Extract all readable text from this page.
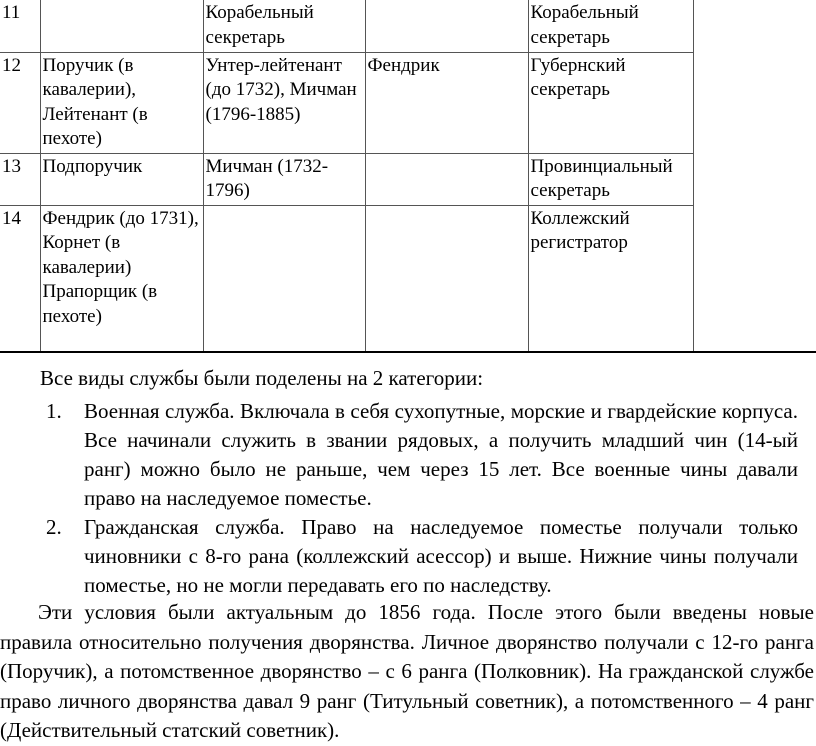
11		Корабельный секретарь		Корабельный секретарь	
12	Поручик (в кавалерии), Лейтенант (в пехоте)	Унтер-лейтенант (до 1732), Мичман (1796-1885)	Фендрик	Губернский секретарь	
13	Подпоручик	Мичман (1732-1796)		Провинциальный секретарь	
14	Фендрик (до 1731), Корнет (в кавалерии) Прапорщик (в пехоте)			Коллежский регистратор	
Все виды службы были поделены на 2 категории:
1. Военная служба. Включала в себя сухопутные, морские и гвардейские корпуса. Все начинали служить в звании рядовых, а получить младший чин (14-ый ранг) можно было не раньше, чем через 15 лет. Все военные чины давали право на наследуемое поместье.
2. Гражданская служба. Право на наследуемое поместье получали только чиновники с 8-го рана (коллежский асессор) и выше. Нижние чины получали поместье, но не могли передавать его по наследству.
Эти условия были актуальным до 1856 года. После этого были введены новые правила относительно получения дворянства. Личное дворянство получали с 12-го ранга (Поручик), а потомственное дворянство – с 6 ранга (Полковник). На гражданской службе право личного дворянства давал 9 ранг (Титульный советник), а потомственного – 4 ранг (Действительный статский советник).
